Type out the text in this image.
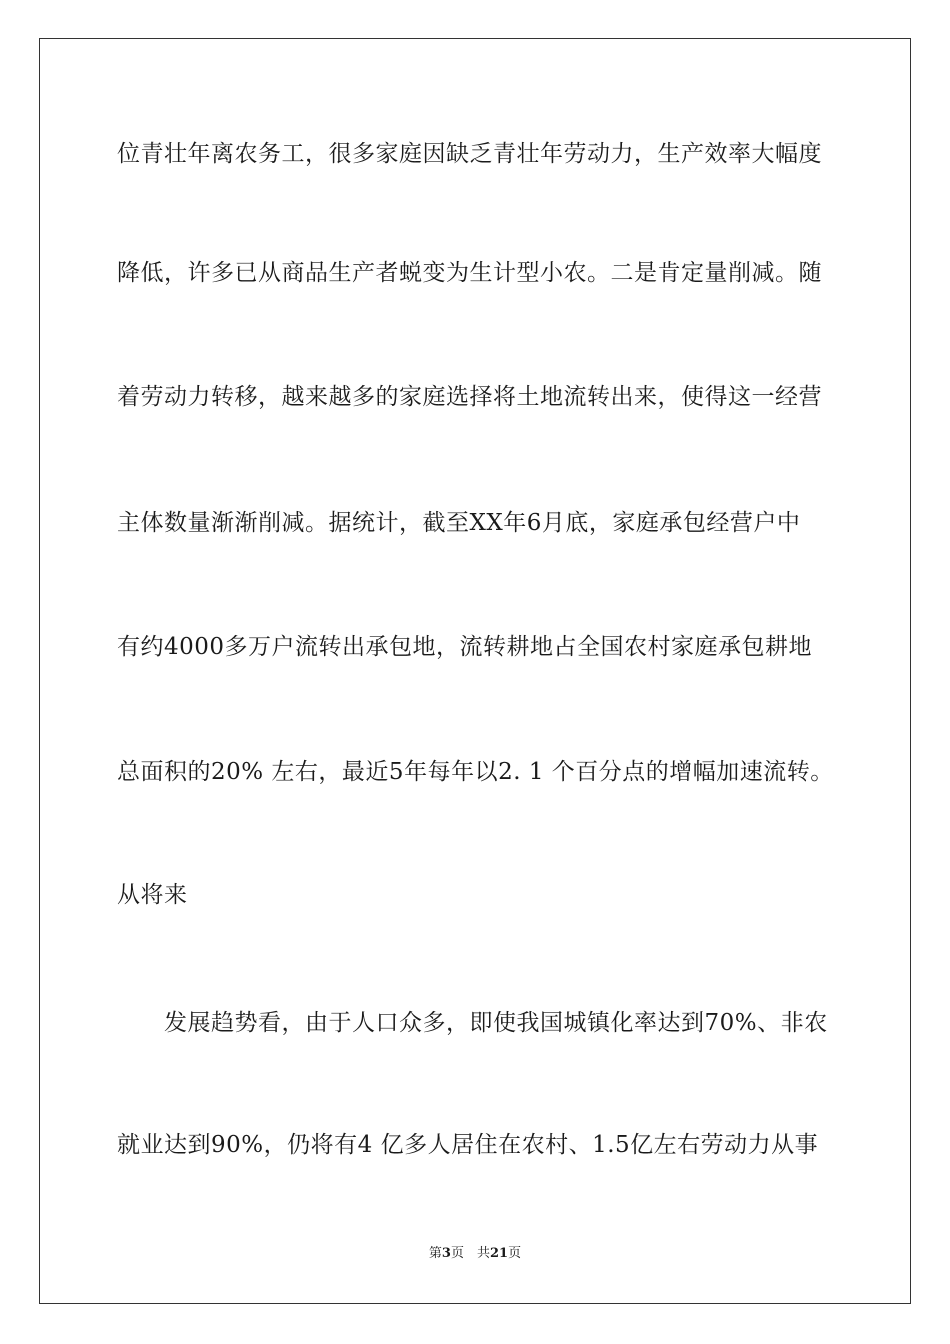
位青壮年离农务工，很多家庭因缺乏青壮年劳动力，生产效率大幅度
降低，许多已从商品生产者蜕变为生计型小农。二是肯定量削减。随
着劳动力转移，越来越多的家庭选择将土地流转出来，使得这一经营
主体数量渐渐削减。据统计，截至XX年6月底，家庭承包经营户中
有约4000多万户流转出承包地，流转耕地占全国农村家庭承包耕地
总面积的20% 左右，最近5年每年以2. 1 个百分点的增幅加速流转。
从将来
　　发展趋势看，由于人口众多，即使我国城镇化率达到70%、非农
就业达到90%，仍将有4 亿多人居住在农村、1.5亿左右劳动力从事
第3页　共21页
